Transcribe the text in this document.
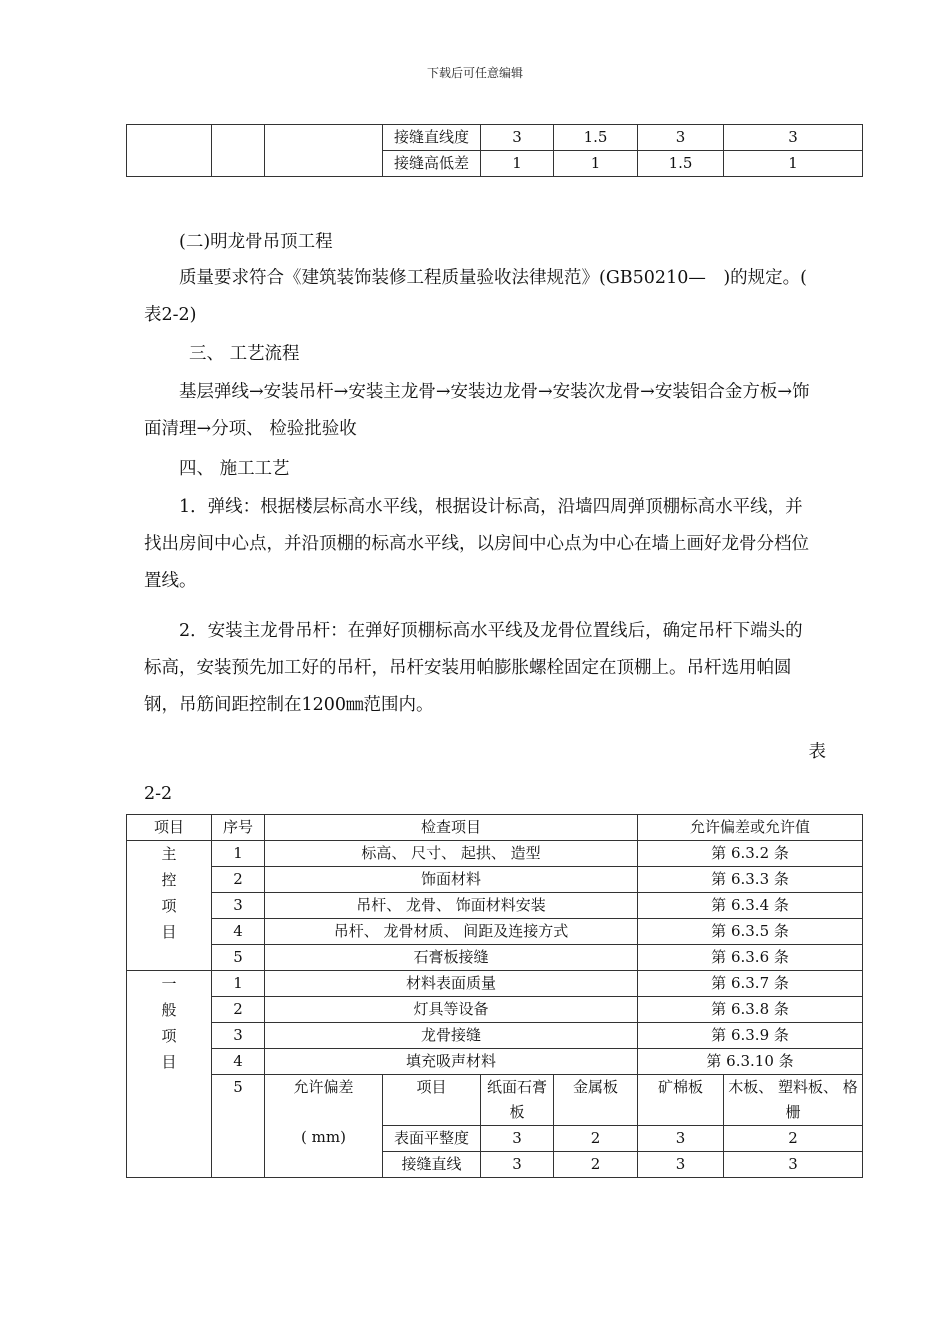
下载后可任意编辑
			接缝直线度	3	1.5	3	3
			接缝高低差	1	1	1.5	1

(二)明龙骨吊顶工程

质量要求符合《建筑装饰装修工程质量验收法律规范》(GB50210—　)的规定。( 表2-2)

三、 工艺流程

基层弹线→安装吊杆→安装主龙骨→安装边龙骨→安装次龙骨→安装铝合金方板→饰面清理→分项、 检验批验收

四、 施工工艺

1．弹线：根据楼层标高水平线，根据设计标高，沿墙四周弹顶棚标高水平线，并找出房间中心点，并沿顶棚的标高水平线，以房间中心点为中心在墙上画好龙骨分档位置线。

2．安装主龙骨吊杆：在弹好顶棚标高水平线及龙骨位置线后，确定吊杆下端头的标高，安装预先加工好的吊杆，吊杆安装用帕膨胀螺栓固定在顶棚上。吊杆选用帕圆钢，吊筋间距控制在1200㎜范围内。

表
2-2
项目	序号	检查项目				允许偏差或允许值	

主
控
项
目	1	标高、 尺寸、 起拱、 造型				第 6.3.2 条	
	2	饰面材料				第 6.3.3 条	
	3	吊杆、 龙骨、 饰面材料安装				第 6.3.4 条	
	4	吊杆、 龙骨材质、 间距及连接方式				第 6.3.5 条	
	5	石膏板接缝				第 6.3.6 条	

一
般
项
目	1	材料表面质量				第 6.3.7 条	
	2	灯具等设备				第 6.3.8 条	
	3	龙骨接缝				第 6.3.9 条	
	4	填充吸声材料				第 6.3.10 条	
	5	允许偏差
( mm)	项目	纸面石膏板	金属板	矿棉板	木板、 塑料板、 格栅
			表面平整度	3	2	3	2
			接缝直线	3	2	3	3
